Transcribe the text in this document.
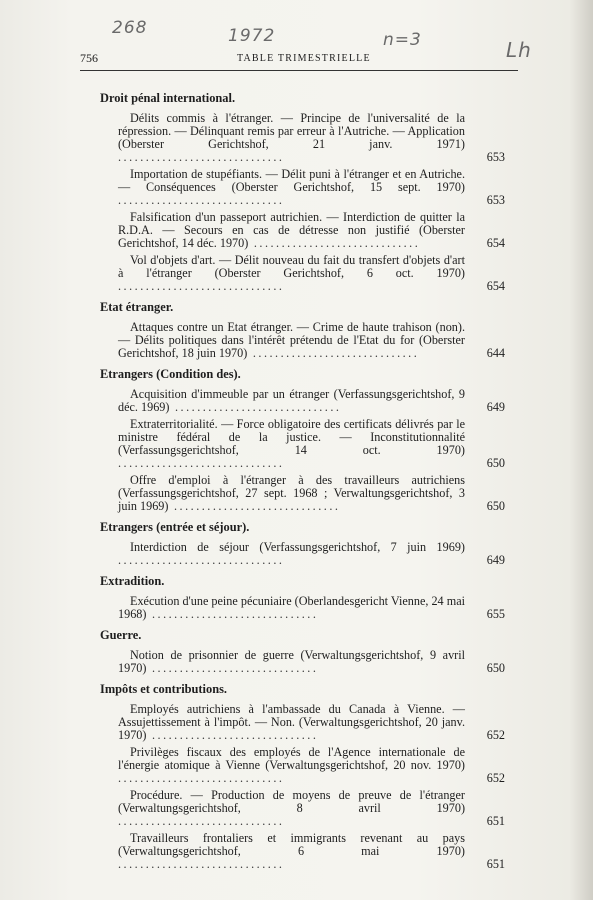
268	1972	n=3	Lh
756	TABLE TRIMESTRIELLE
Droit pénal international.
Délits commis à l'étranger. — Principe de l'universalité de la répression. — Délinquant remis par erreur à l'Autriche. — Application (Oberster Gerichtshof, 21 janv. 1971) ..............................	653
Importation de stupéfiants. — Délit puni à l'étranger et en Autriche. — Conséquences (Oberster Gerichtshof, 15 sept. 1970) ..............................	653
Falsification d'un passeport autrichien. — Interdiction de quitter la R.D.A. — Secours en cas de détresse non justifié (Oberster Gerichtshof, 14 déc. 1970) ..............................	654
Vol d'objets d'art. — Délit nouveau du fait du transfert d'objets d'art à l'étranger (Oberster Gerichtshof, 6 oct. 1970) ..............................	654
Etat étranger.
Attaques contre un Etat étranger. — Crime de haute trahison (non). — Délits politiques dans l'intérêt prétendu de l'Etat du for (Oberster Gerichtshof, 18 juin 1970) ..............................	644
Etrangers (Condition des).
Acquisition d'immeuble par un étranger (Verfassungsgerichtshof, 9 déc. 1969) ..............................	649
Extraterritorialité. — Force obligatoire des certificats délivrés par le ministre fédéral de la justice. — Inconstitutionnalité (Verfassungsgerichtshof, 14 oct. 1970) ..............................	650
Offre d'emploi à l'étranger à des travailleurs autrichiens (Verfassungsgerichtshof, 27 sept. 1968 ; Verwaltungsgerichtshof, 3 juin 1969) ..............................	650
Etrangers (entrée et séjour).
Interdiction de séjour (Verfassungsgerichtshof, 7 juin 1969) ..............................	649
Extradition.
Exécution d'une peine pécuniaire (Oberlandesgericht Vienne, 24 mai 1968) ..............................	655
Guerre.
Notion de prisonnier de guerre (Verwaltungsgerichtshof, 9 avril 1970) ..............................	650
Impôts et contributions.
Employés autrichiens à l'ambassade du Canada à Vienne. — Assujettissement à l'impôt. — Non. (Verwaltungsgerichtshof, 20 janv. 1970) ..............................	652
Privilèges fiscaux des employés de l'Agence internationale de l'énergie atomique à Vienne (Verwaltungsgerichtshof, 20 nov. 1970) ..............................	652
Procédure. — Production de moyens de preuve de l'étranger (Verwaltungsgerichtshof, 8 avril 1970) ..............................	651
Travailleurs frontaliers et immigrants revenant au pays (Verwaltungsgerichtshof, 6 mai 1970) ..............................	651
